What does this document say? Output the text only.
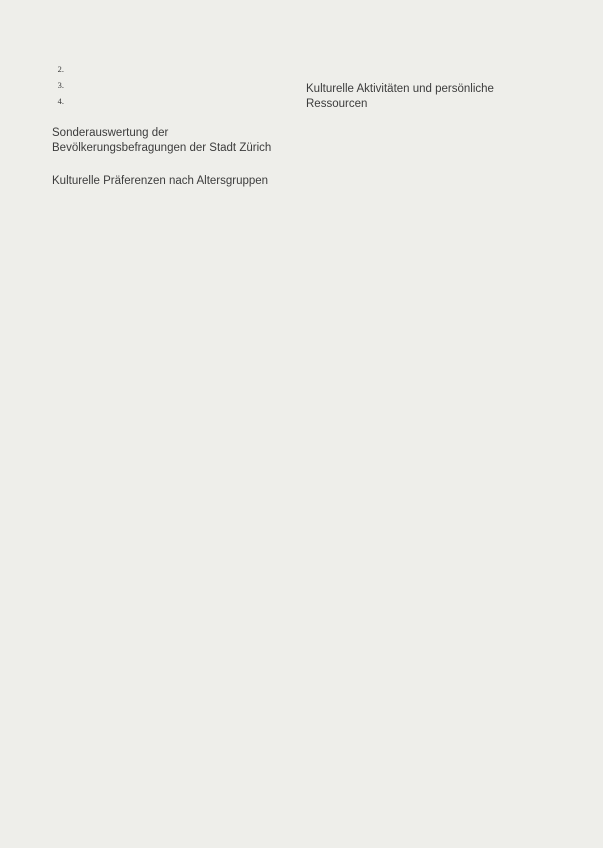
2.
3.
4.

Sonderauswertung der Bevölkerungsbefragungen der Stadt Zürich

Kulturelle Präferenzen nach Altersgruppen

Kulturelle Aktivitäten und persönliche Ressourcen
